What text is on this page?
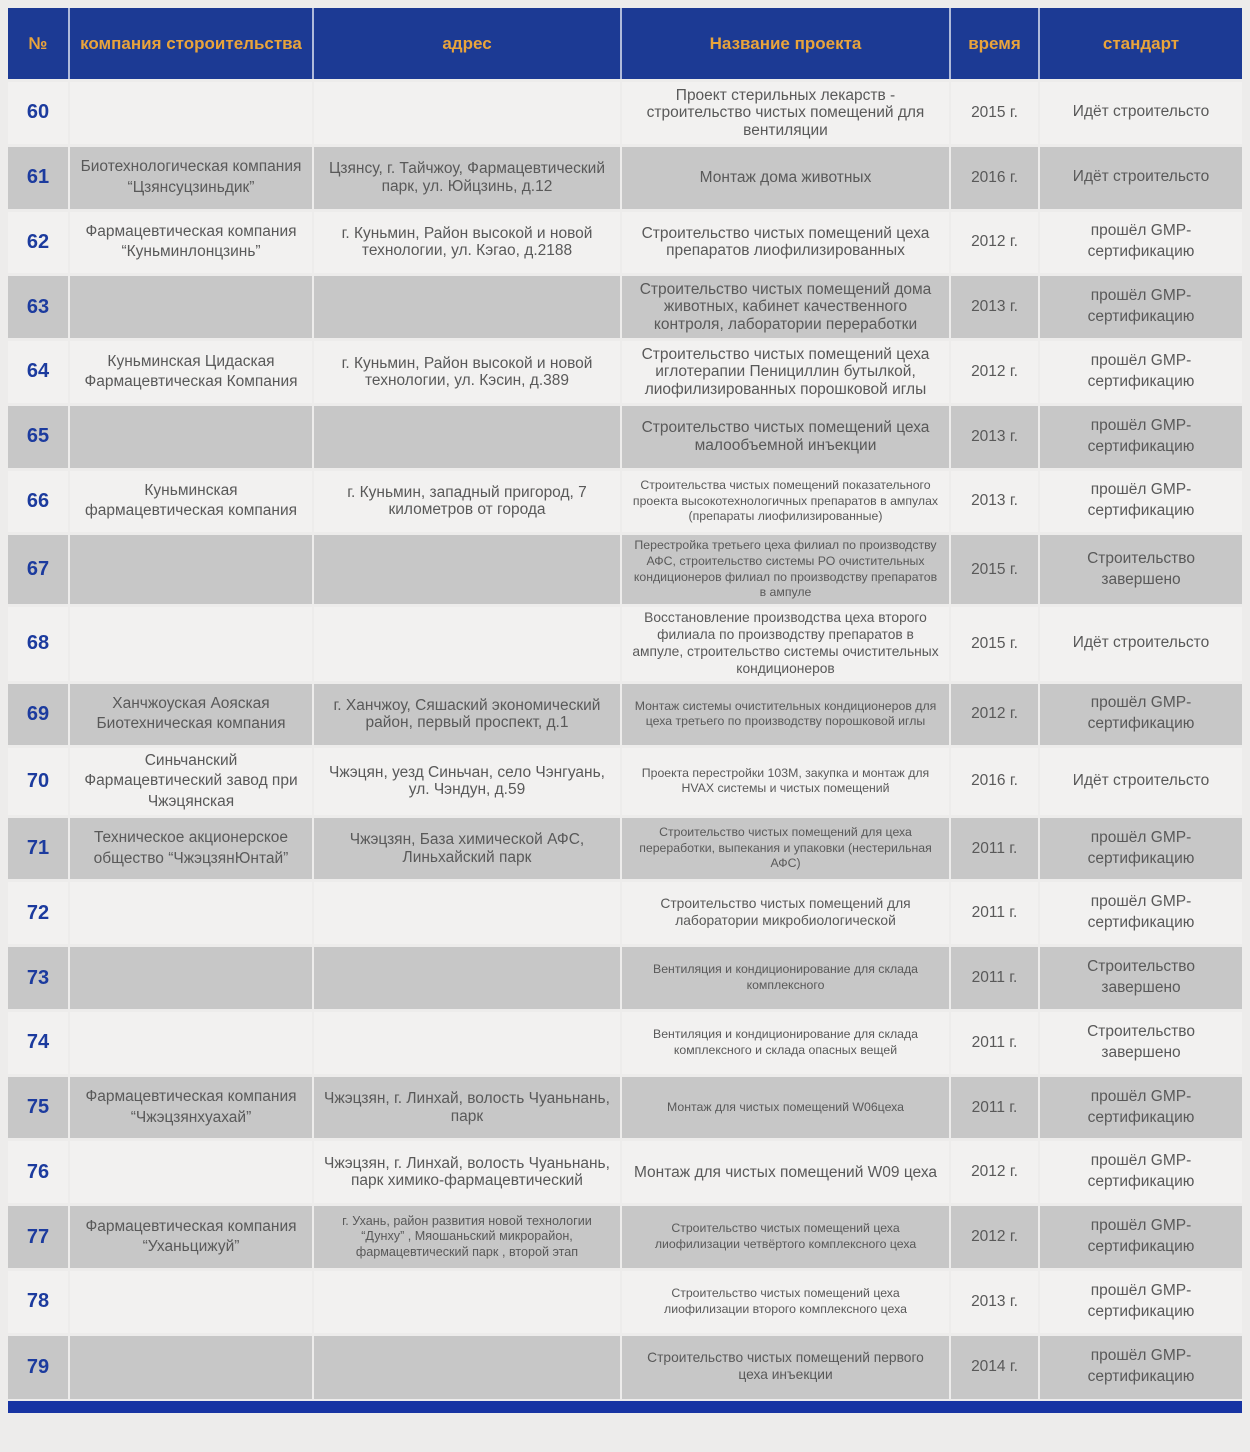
№	компания стороительства	адрес	Название проекта	время	стандарт
60			Проект стерильных лекарств - строительство чистых помещений для вентиляции	2015 г.	Идёт строительсто
61	Биотехнологическая компания “Цзянсуцзиньдик”	Цзянсу, г. Тайчжоу, Фармацевтический парк, ул. Юйцзинь, д.12	Монтаж дома животных	2016 г.	Идёт строительсто
62	Фармацевтическая компания “Куньминлонцзинь”	г. Куньмин, Район высокой и новой технологии, ул. Кэгао, д.2188	Строительство чистых помещений цеха препаратов лиофилизированных	2012 г.	прошёл GMP-сертификацию
63			Строительство чистых помещений дома животных, кабинет качественного контроля, лаборатории переработки	2013 г.	прошёл GMP-сертификацию
64	Куньминская Цидаская Фармацевтическая Компания	г. Куньмин, Район высокой и новой технологии, ул. Кэсин, д.389	Строительство чистых помещений цеха иглотерапии Пенициллин бутылкой, лиофилизированных порошковой иглы	2012 г.	прошёл GMP-сертификацию
65			Строительство чистых помещений цеха малообъемной инъекции	2013 г.	прошёл GMP-сертификацию
66	Куньминская фармацевтическая компания	г. Куньмин, западный пригород, 7 километров от города	Строительства чистых помещений показательного проекта высокотехнологичных препаратов в ампулах (препараты лиофилизированные)	2013 г.	прошёл GMP-сертификацию
67			Перестройка третьего цеха филиал по производству АФС, строительство системы РО очистительных кондиционеров филиал по производству препаратов в ампуле	2015 г.	Строительство завершено
68			Восстановление производства цеха второго филиала по производству препаратов в ампуле, строительство системы очистительных кондиционеров	2015 г.	Идёт строительсто
69	Ханчжоуская Аояская Биотехническая компания	г. Ханчжоу, Сяшаский экономический район, первый проспект, д.1	Монтаж системы очистительных кондиционеров для цеха третьего по производству порошковой иглы	2012 г.	прошёл GMP-сертификацию
70	Синьчанский Фармацевтический завод при Чжэцянская	Чжэцян, уезд Синьчан, село Чэнгуань, ул. Чэндун, д.59	Проекта перестройки 103М, закупка и монтаж для HVAX системы и чистых помещений	2016 г.	Идёт строительсто
71	Техническое акционерское общество “ЧжэцзянЮнтай”	Чжэцзян, База химической АФС, Линьхайский парк	Строительство чистых помещений для цеха переработки, выпекания и упаковки (нестерильная АФС)	2011 г.	прошёл GMP-сертификацию
72			Строительство чистых помещений для лаборатории микробиологической	2011 г.	прошёл GMP-сертификацию
73			Вентиляция и кондиционирование для склада комплексного	2011 г.	Строительство завершено
74			Вентиляция и кондиционирование для склада комплексного и склада опасных вещей	2011 г.	Строительство завершено
75	Фармацевтическая компания “Чжэцзянхуахай”	Чжэцзян, г. Линхай, волость Чуаньнань, парк	Монтаж для чистых помещений W06цеха	2011 г.	прошёл GMP-сертификацию
76		Чжэцзян, г. Линхай, волость Чуаньнань, парк химико-фармацевтический	Монтаж для чистых помещений W09 цеха	2012 г.	прошёл GMP-сертификацию
77	Фармацевтическая компания “Уханьцижуй”	г. Ухань, район развития новой технологии “Дунху” , Мяошаньский микрорайон, фармацевтический парк , второй этап	Строительство чистых помещений цеха лиофилизации четвёртого комплексного цеха	2012 г.	прошёл GMP-сертификацию
78			Строительство чистых помещений цеха лиофилизации второго комплексного цеха	2013 г.	прошёл GMP-сертификацию
79			Строительство чистых помещений первого цеха инъекции	2014 г.	прошёл GMP-сертификацию
